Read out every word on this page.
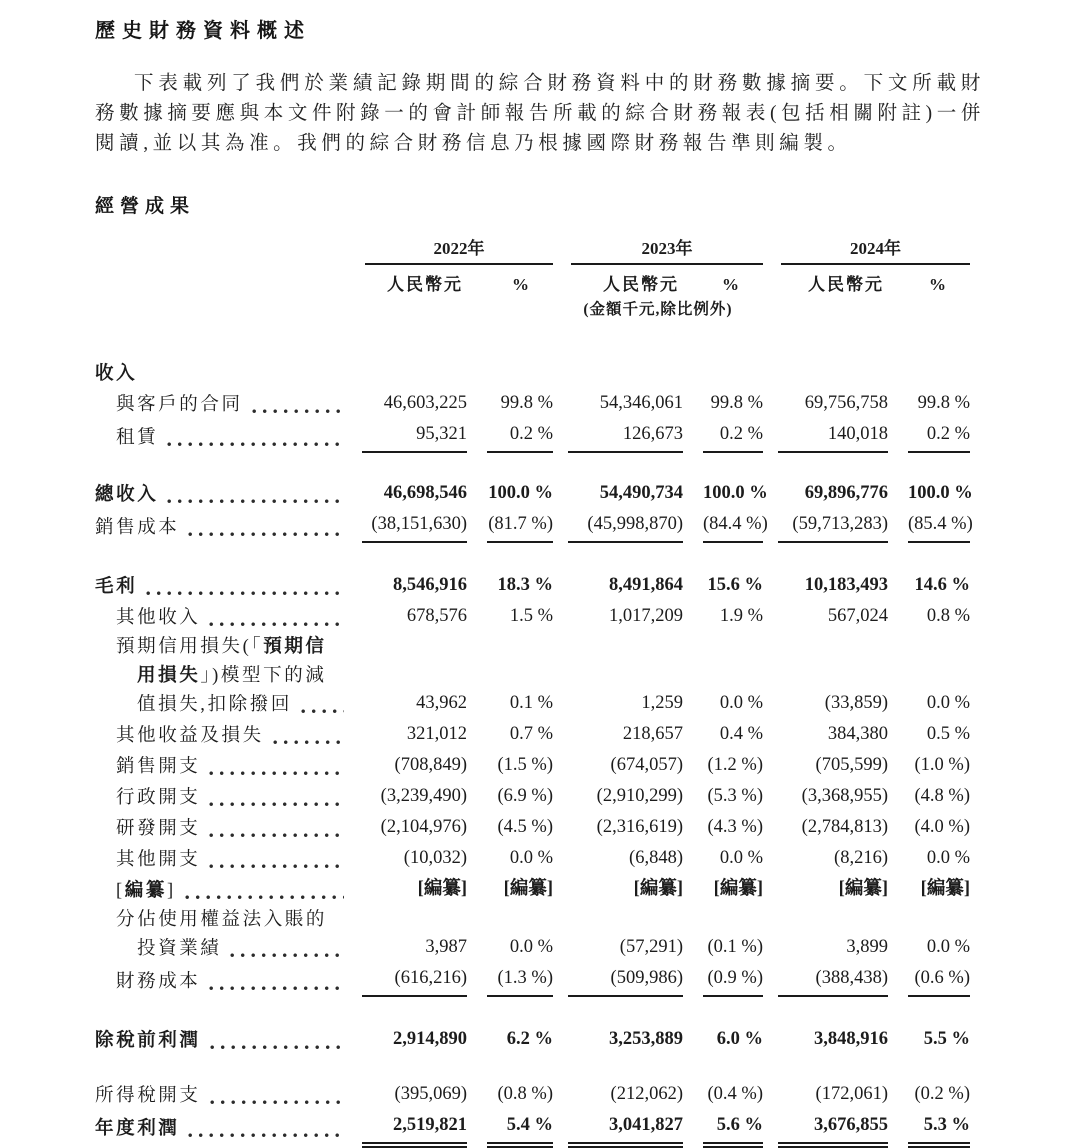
歷史財務資料概述

下表載列了我們於業績記錄期間的綜合財務資料中的財務數據摘要。下文所載財務數據摘要應與本文件附錄一的會計師報告所載的綜合財務報表(包括相關附註)一併閱讀,並以其為准。我們的綜合財務信息乃根據國際財務報告準則編製。

經營成果

	2022年		2023年		2024年	

	人民幣元	%	人民幣元	%	人民幣元	%
			(金額千元,除比例外)			

收入						

與客戶的合同	46,603,225	99.8 %	54,346,061	99.8 %	69,756,758	99.8 %

租賃	95,321	0.2 %	126,673	0.2 %	140,018	0.2 %

總收入	46,698,546	100.0 %	54,490,734	100.0 %	69,896,776	100.0 %

銷售成本	(38,151,630)	(81.7 %)	(45,998,870)	(84.4 %)	(59,713,283)	(85.4 %)

毛利	8,546,916	18.3 %	8,491,864	15.6 %	10,183,493	14.6 %

其他收入	678,576	1.5 %	1,017,209	1.9 %	567,024	0.8 %

預期信用損失(「 預期信
用損失 」)模型下的減
值損失,扣除撥回	43,962	0.1 %	1,259	0.0 %	(33,859)	0.0 %

其他收益及損失	321,012	0.7 %	218,657	0.4 %	384,380	0.5 %

銷售開支	(708,849)	(1.5 %)	(674,057)	(1.2 %)	(705,599)	(1.0 %)

行政開支	(3,239,490)	(6.9 %)	(2,910,299)	(5.3 %)	(3,368,955)	(4.8 %)

研發開支	(2,104,976)	(4.5 %)	(2,316,619)	(4.3 %)	(2,784,813)	(4.0 %)

其他開支	(10,032)	0.0 %	(6,848)	0.0 %	(8,216)	0.0 %

[ 編纂 ]	[編纂]	[編纂]	[編纂]	[編纂]	[編纂]	[編纂]

分佔使用權益法入賬的
投資業績	3,987	0.0 %	(57,291)	(0.1 %)	3,899	0.0 %

財務成本	(616,216)	(1.3 %)	(509,986)	(0.9 %)	(388,438)	(0.6 %)

除稅前利潤	2,914,890	6.2 %	3,253,889	6.0 %	3,848,916	5.5 %

所得稅開支	(395,069)	(0.8 %)	(212,062)	(0.4 %)	(172,061)	(0.2 %)

年度利潤	2,519,821	5.4 %	3,041,827	5.6 %	3,676,855	5.3 %
